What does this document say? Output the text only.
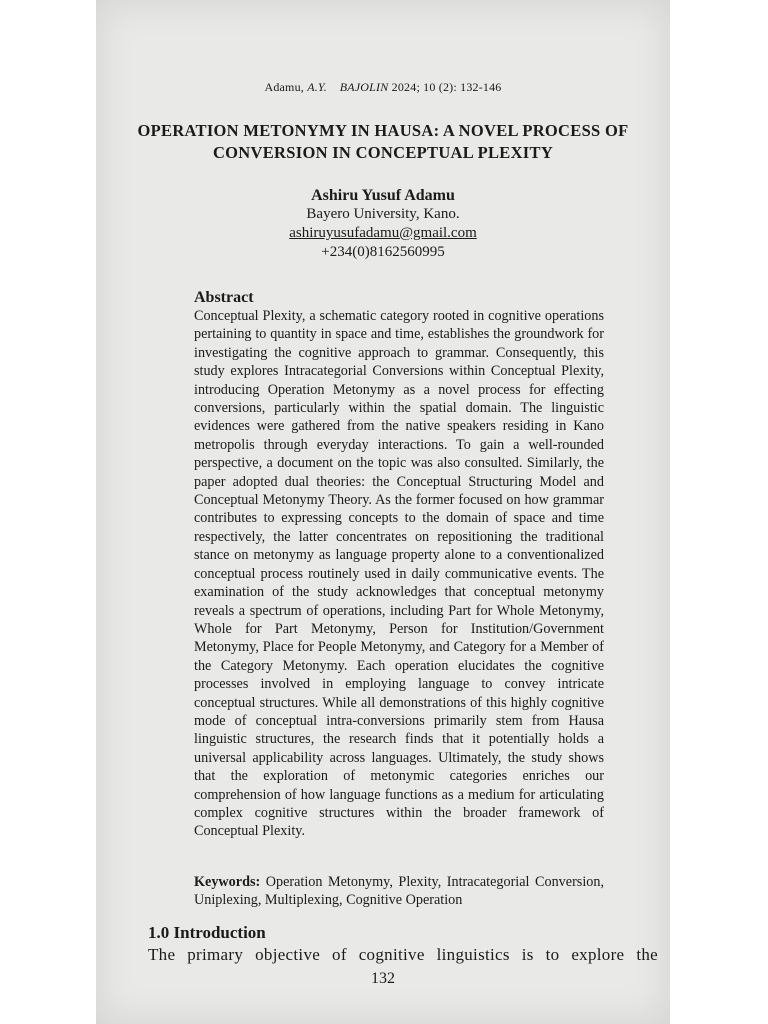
Adamu, A.Y. BAJOLIN 2024; 10 (2): 132-146
OPERATION METONYMY IN HAUSA: A NOVEL PROCESS OF CONVERSION IN CONCEPTUAL PLEXITY
Ashiru Yusuf Adamu
Bayero University, Kano.
ashiruyusufadamu@gmail.com
+234(0)8162560995
Abstract
Conceptual Plexity, a schematic category rooted in cognitive operations pertaining to quantity in space and time, establishes the groundwork for investigating the cognitive approach to grammar. Consequently, this study explores Intracategorial Conversions within Conceptual Plexity, introducing Operation Metonymy as a novel process for effecting conversions, particularly within the spatial domain. The linguistic evidences were gathered from the native speakers residing in Kano metropolis through everyday interactions. To gain a well-rounded perspective, a document on the topic was also consulted. Similarly, the paper adopted dual theories: the Conceptual Structuring Model and Conceptual Metonymy Theory. As the former focused on how grammar contributes to expressing concepts to the domain of space and time respectively, the latter concentrates on repositioning the traditional stance on metonymy as language property alone to a conventionalized conceptual process routinely used in daily communicative events. The examination of the study acknowledges that conceptual metonymy reveals a spectrum of operations, including Part for Whole Metonymy, Whole for Part Metonymy, Person for Institution/Government Metonymy, Place for People Metonymy, and Category for a Member of the Category Metonymy. Each operation elucidates the cognitive processes involved in employing language to convey intricate conceptual structures. While all demonstrations of this highly cognitive mode of conceptual intra-conversions primarily stem from Hausa linguistic structures, the research finds that it potentially holds a universal applicability across languages. Ultimately, the study shows that the exploration of metonymic categories enriches our comprehension of how language functions as a medium for articulating complex cognitive structures within the broader framework of Conceptual Plexity.
Keywords: Operation Metonymy, Plexity, Intracategorial Conversion, Uniplexing, Multiplexing, Cognitive Operation
1.0 Introduction
The primary objective of cognitive linguistics is to explore the
132
